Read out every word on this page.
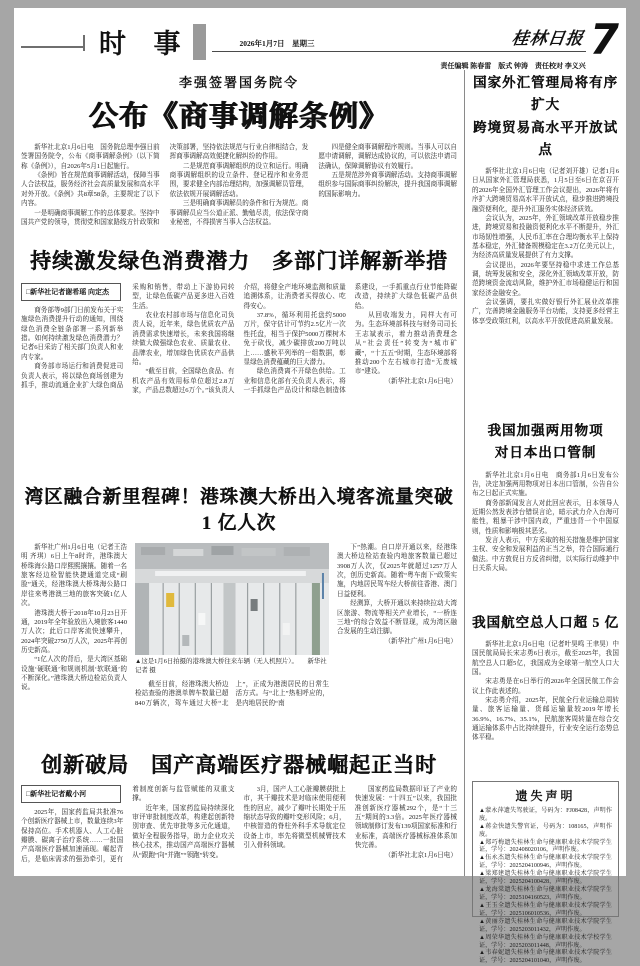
时 事	2026年1月7日　星期三	桂林日报
责任编辑 陈春雷　版式 钟涛　责任校对 李义兴
7
李强签署国务院令
公布《商事调解条例》

新华社北京1月6日电　国务院总理李强日前签署国务院令，公布《商事调解条例》（以下简称《条例》），自2026年5月1日起施行。

《条例》旨在规范商事调解活动，保障当事人合法权益，服务经济社会高质量发展和高水平对外开放。《条例》共8章58条，主要规定了以下内容。

一是明确商事调解工作的总体要求。坚持中国共产党的领导，贯彻党和国家路线方针政策和决策部署，坚持依法规范与行业自律相结合，发挥商事调解高效便捷化解纠纷的作用。

二是规范商事调解组织的设立和运行。明确商事调解组织的设立条件、登记程序和业务范围，要求健全内部治理结构，加强调解员管理，依法依规开展调解活动。

三是明确商事调解员的条件和行为规范。商事调解员应当公道正派、勤勉尽责，依法保守商业秘密，不得损害当事人合法权益。

四是健全商事调解程序规则。当事人可以自愿申请调解，调解达成协议的，可以依法申请司法确认，保障调解协议有效履行。

五是规范涉外商事调解活动。支持商事调解组织参与国际商事纠纷解决，提升我国商事调解的国际影响力。

持续激发绿色消费潜力　多部门详解新举措
□新华社记者谢希瑶 向定杰

商务部等9部门日前发布关于实施绿色消费提升行动的通知，围绕绿色消费全链条部署一系列新举措。如何持续激发绿色消费潜力？记者6日采访了相关部门负责人和业内专家。

商务部市场运行和消费促进司负责人表示，将以绿色商场创建为抓手，推动流通企业扩大绿色商品采购和销售，带动上下游协同转型，让绿色低碳产品更多进入百姓生活。

农业农村部市场与信息化司负责人说，近年来，绿色优质农产品消费需求快速增长，未来我国将继续做大做强绿色农业、质量农业、品牌农业，增加绿色优质农产品供给。

“截至目前，全国绿色食品、有机农产品有效用标单位超过2.8万家，产品总数超过6万个。”该负责人介绍，将健全产地环境监测和质量追溯体系，让消费者买得放心、吃得安心。

37.8%，循环利用托盘约5000万片，保守估计可节约2.5亿片一次性托盘，相当于保护5000万棵树木免于砍伐，减少碳排放200万吨以上……盛秋平列举的一组数据，彰显绿色消费蕴藏的巨大潜力。

绿色消费离不开绿色供给。工业和信息化部有关负责人表示，将一手抓绿色产品设计和绿色制造体系建设，一手抓重点行业节能降碳改造，持续扩大绿色低碳产品供给。

从回收端发力，同样大有可为。生态环境部科技与财务司司长王志斌表示，着力推动消费理念从“社会责任”转变为“城市矿藏”，“十五五”时期，生态环境部将推动200个左右城市打造“无废城市”建设。

（新华社北京1月6日电）

湾区融合新里程碑！港珠澳大桥出入境客流量突破 1 亿人次

新华社广州1月6日电（记者王浩明 齐琪）6日上午8时许，港珠澳大桥珠海公路口岸熙熙攘攘。随着一名旅客经边检智能快捷通道完成“刷脸”通关，经港珠澳大桥珠海公路口岸往来粤港澳三地的旅客突破1亿人次。

港珠澳大桥于2018年10月23日开通，2019年全年验放出入境旅客1440万人次；此后口岸客流快速攀升，2024年突破2750万人次，2025年再创历史新高。

“1亿人次的背后，是大湾区基础设施‘硬联通’和规则机制‘软联通’的不断深化。”港珠澳大桥边检站负责人说。

▲这是1月6日拍摄的港珠澳大桥往来车辆（无人机照片）。　　新华社记者 摄

截至目前，经港珠澳大桥边检站查验的港澳单牌车数量已超840万辆次，驾车通过大桥“北上”，正成为港澳居民的日常生活方式。与“北上”热相呼应的，是内地居民的“南

下”热潮。自口岸开通以来，经港珠澳大桥边检站查验内地旅客数量已超过3908万人次，仅2025年就超过1257万人次，创历史新高。随着“粤车南下”政策实施，内地居民驾车经大桥前往香港、澳门日益便利。

经测算，大桥开通以来持续拉动大湾区旅游、物流等相关产业增长，“一桥连三地”的综合效益不断显现，成为湾区融合发展的生动注脚。

（新华社广州1月6日电）

创新破局　国产高端医疗器械崛起正当时
□新华社记者戴小河

2025年，国家药监局共批准76个创新医疗器械上市，数量连续3年保持高位。手术机器人、人工心脏瓣膜、碳离子治疗系统……一批国产高端医疗器械加速涌现。崛起背后，是临床需求的强劲牵引，更有着制度创新与监管赋能的双重支撑。

近年来，国家药监局持续深化审评审批制度改革，构建起创新特别审查、优先审批等多元化通道，做好全程服务指导，助力企业攻关核心技术，推动国产高端医疗器械从“跟跑”向“并跑”“领跑”转变。

3月，国产人工心脏瓣膜获批上市，其干瓣技术是对临床使用便利性的回应，减少了瓣叶长期处于压缩状态导致的瓣叶变形风险；6月，中核智造的脊柱外科手术导航定位设备上市，率先将微型机械臂技术引入骨科领域。

国家药监局数据印证了产业的快速发展：“十四五”以来，我国批准创新医疗器械292个，是“十三五”期间的3.3倍。2025年医疗器械领域制修订发布139项国家标准和行业标准，高端医疗器械标准体系加快完善。

（新华社北京1月6日电）

国家外汇管理局将有序扩大
跨境贸易高水平开放试点

新华社北京1月6日电（记者刘开雄）记者1月6日从国家外汇管理局获悉，1月5日至6日在京召开的2026年全国外汇管理工作会议提出，2026年将有序扩大跨境贸易高水平开放试点，稳步推进跨境投融资便利化，提升外汇服务实体经济质效。

会议认为，2025年，外汇领域改革开放稳步推进，跨境贸易和投融资便利化水平不断提升，外汇市场韧性增强，人民币汇率在合理均衡水平上保持基本稳定，外汇储备规模稳定在3.2万亿美元以上，为经济高质量发展提供了有力支撑。

会议提出，2026年要坚持稳中求进工作总基调，统筹发展和安全，深化外汇领域改革开放，防范跨境资金流动风险，维护外汇市场稳健运行和国家经济金融安全。

会议强调，要扎实做好银行外汇展业改革推广，完善跨境金融服务平台功能，支持更多经营主体享受政策红利，以高水平开放促进高质量发展。

我国加强两用物项
对日本出口管制

新华社北京1月6日电　商务部1月6日发布公告，决定加强两用物项对日本出口管制，公告自公布之日起正式实施。

商务部新闻发言人对此回应表示，日本领导人近期公然发表涉台错误言论，暗示武力介入台海可能性，粗暴干涉中国内政，严重违背一个中国原则，性质和影响极其恶劣。

发言人表示，中方采取的相关措施是维护国家主权、安全和发展利益的正当之举，符合国际通行做法。中方敦促日方反省纠错，以实际行动维护中日关系大局。

我国航空总人口超 5 亿

新华社北京1月6日电（记者叶昊鸣 王聿昊）中国民航局局长宋志勇6日表示，截至2025年，我国航空总人口超5亿，我国成为全球第一航空人口大国。

宋志勇是在6日举行的2026年全国民航工作会议上作此表述的。

宋志勇介绍，2025年，民航全行业运输总周转量、旅客运输量、货邮运输量较2019年增长36.9%、16.7%、35.1%，民航旅客周转量在综合交通运输体系中占比持续提升，行业安全运行态势总体平稳。

遗失声明

▲蒙永萍遗失驾驶证，号码为：FJ08428，声明作废。

▲蒋金快遗失警官证，号码为：108165，声明作废。

▲郑巧梅遗失桂林生命与健康职业技术学院学生证，学号：202408020106，声明作废。

▲伍永杰遗失桂林生命与健康职业技术学院学生证，学号：2025204100946，声明作废。

▲梁郑建遗失桂林生命与健康职业技术学院学生证，学号：2025204100428，声明作废。

▲龙海棠遗失桂林生命与健康职业技术学院学生证，学号：2025104160523，声明作废。

▲王玉全遗失桂林生命与健康职业技术学院学生证，学号：2025106010536，声明作废。

▲黄丽芬遗失桂林生命与健康职业技术学院学生证，学号：2025203011432，声明作废。

▲周荣华遗失桂林生命与健康职业技术学校学生证，学号：2025203011448，声明作废。

▲韦春妮遗失桂林生命与健康职业技术学院学生证，学号：2025204101040，声明作废。
